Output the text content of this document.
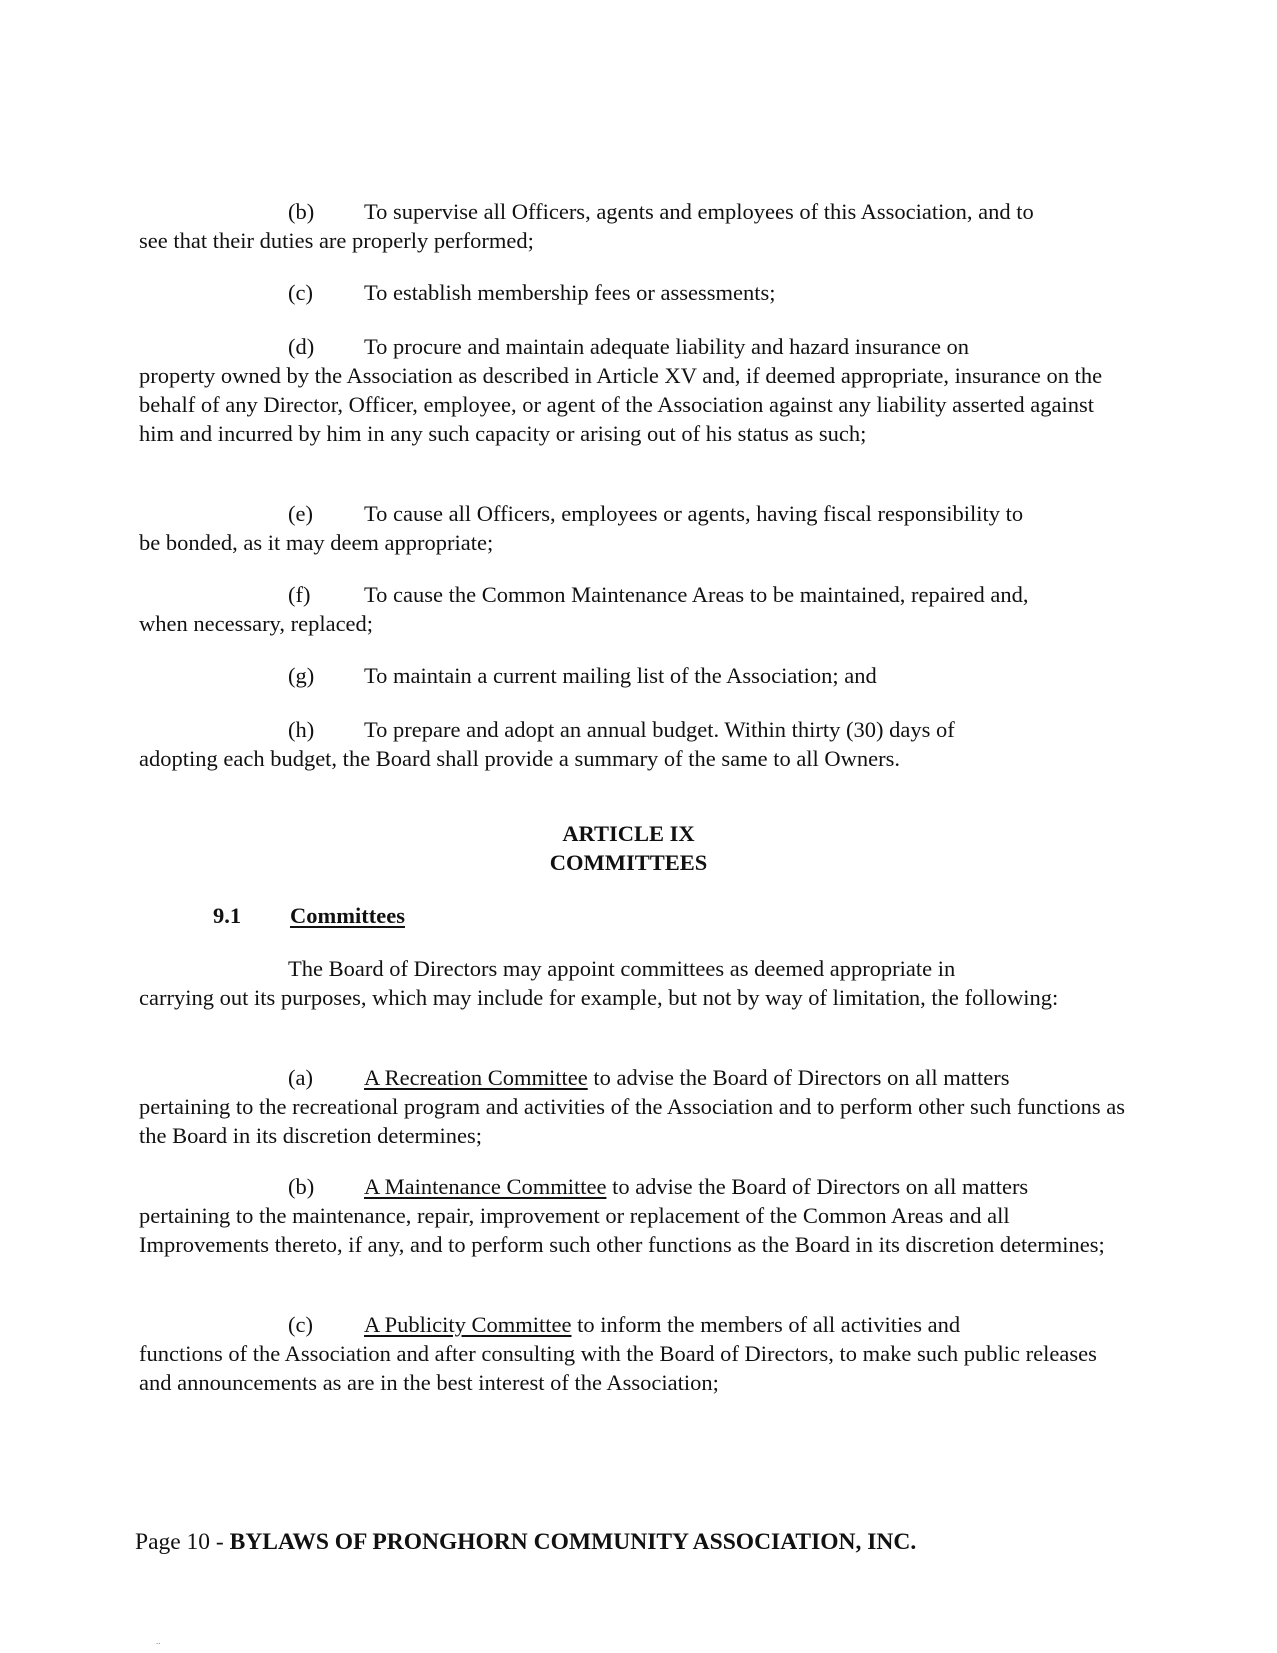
(b) To supervise all Officers, agents and employees of this Association, and to
see that their duties are properly performed;

(c) To establish membership fees or assessments;

(d) To procure and maintain adequate liability and hazard insurance on
property owned by the Association as described in Article XV and, if deemed appropriate, insurance on the behalf of any Director, Officer, employee, or agent of the Association against any liability asserted against him and incurred by him in any such capacity or arising out of his status as such;

(e) To cause all Officers, employees or agents, having fiscal responsibility to
be bonded, as it may deem appropriate;

(f) To cause the Common Maintenance Areas to be maintained, repaired and,
when necessary, replaced;

(g) To maintain a current mailing list of the Association; and

(h) To prepare and adopt an annual budget. Within thirty (30) days of
adopting each budget, the Board shall provide a summary of the same to all Owners.

ARTICLE IX
COMMITTEES
9.1 Committees

The Board of Directors may appoint committees as deemed appropriate in
carrying out its purposes, which may include for example, but not by way of limitation, the following:

(a) A Recreation Committee to advise the Board of Directors on all matters
pertaining to the recreational program and activities of the Association and to perform other such functions as the Board in its discretion determines;

(b) A Maintenance Committee to advise the Board of Directors on all matters
pertaining to the maintenance, repair, improvement or replacement of the Common Areas and all Improvements thereto, if any, and to perform such other functions as the Board in its discretion determines;

(c) A Publicity Committee to inform the members of all activities and
functions of the Association and after consulting with the Board of Directors, to make such public releases and announcements as are in the best interest of the Association;

Page 10 - BYLAWS OF PRONGHORN COMMUNITY ASSOCIATION, INC.
..
